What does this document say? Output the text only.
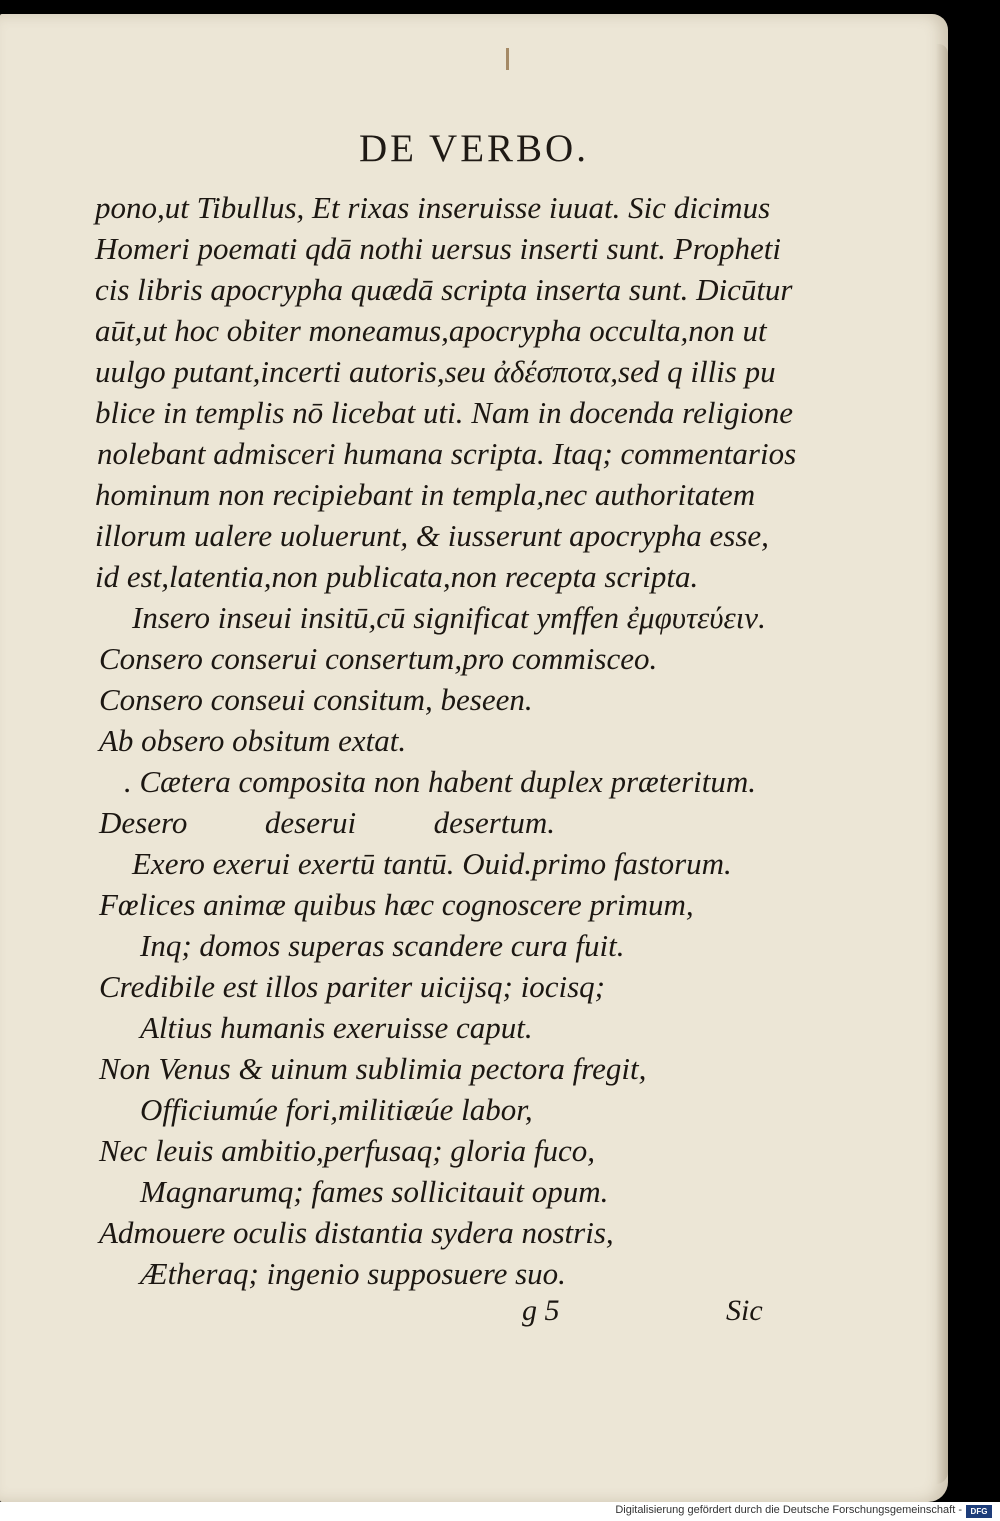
DE VERBO.
pono,ut Tibullus, Et rixas inseruisse iuuat. Sic dicimus
Homeri poemati qdā nothi uersus inserti sunt. Propheti
cis libris apocrypha quædā scripta inserta sunt. Dicūtur
aūt,ut hoc obiter moneamus,apocrypha occulta,non ut
uulgo putant,incerti autoris,seu ἀδέσποτα,sed q illis pu
blice in templis nō licebat uti. Nam in docenda religione
nolebant admisceri humana scripta. Itaq; commentarios
hominum non recipiebant in templa,nec authoritatem
illorum ualere uoluerunt, & iusserunt apocrypha esse,
id est,latentia,non publicata,non recepta scripta.
Insero inseui insitū,cū significat ymffen ἐμφυτεύειν.
Consero conserui consertum,pro commisceo.
Consero conseui consitum, beseen.
Ab obsero obsitum extat.
. Cætera composita non habent duplex præteritum.
Desero          deserui          desertum.
Exero exerui exertū tantū. Ouid.primo fastorum.
Fœlices animæ quibus hæc cognoscere primum,
Inq; domos superas scandere cura fuit.
Credibile est illos pariter uicijsq; iocisq;
Altius humanis exeruisse caput.
Non Venus & uinum sublimia pectora fregit,
Officiumúe fori,militiæúe labor,
Nec leuis ambitio,perfusaq; gloria fuco,
Magnarumq; fames sollicitauit opum.
Admouere oculis distantia sydera nostris,
Ætheraq; ingenio supposuere suo.
g 5	Sic
Digitalisierung gefördert durch die Deutsche Forschungsgemeinschaft -	DFG
